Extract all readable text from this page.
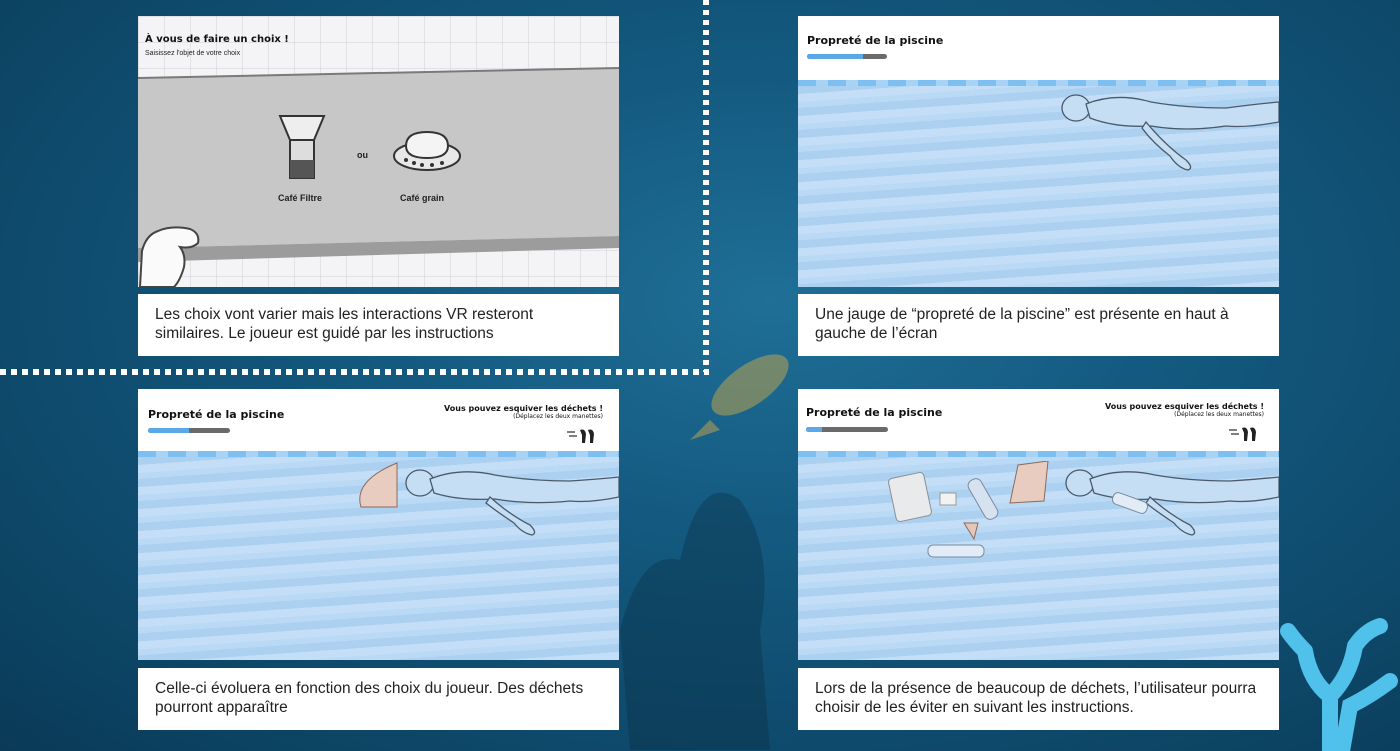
À vous de faire un choix !
Saisissez l'objet de votre choix
ou
Café Filtre	Café grain
Les choix vont varier mais les interactions VR resteront similaires. Le joueur est guidé par les instructions
Propreté de la piscine
Une jauge de “propreté de la piscine” est présente en haut à gauche de l’écran
Propreté de la piscine	Vous pouvez esquiver les déchets !
(Déplacez les deux manettes)
Celle-ci évoluera en fonction des choix du joueur. Des déchets pourront apparaître
Propreté de la piscine	Vous pouvez esquiver les déchets !
(Déplacez les deux manettes)
Lors de la présence de beaucoup de déchets, l’utilisateur pourra choisir de les éviter en suivant les instructions.
